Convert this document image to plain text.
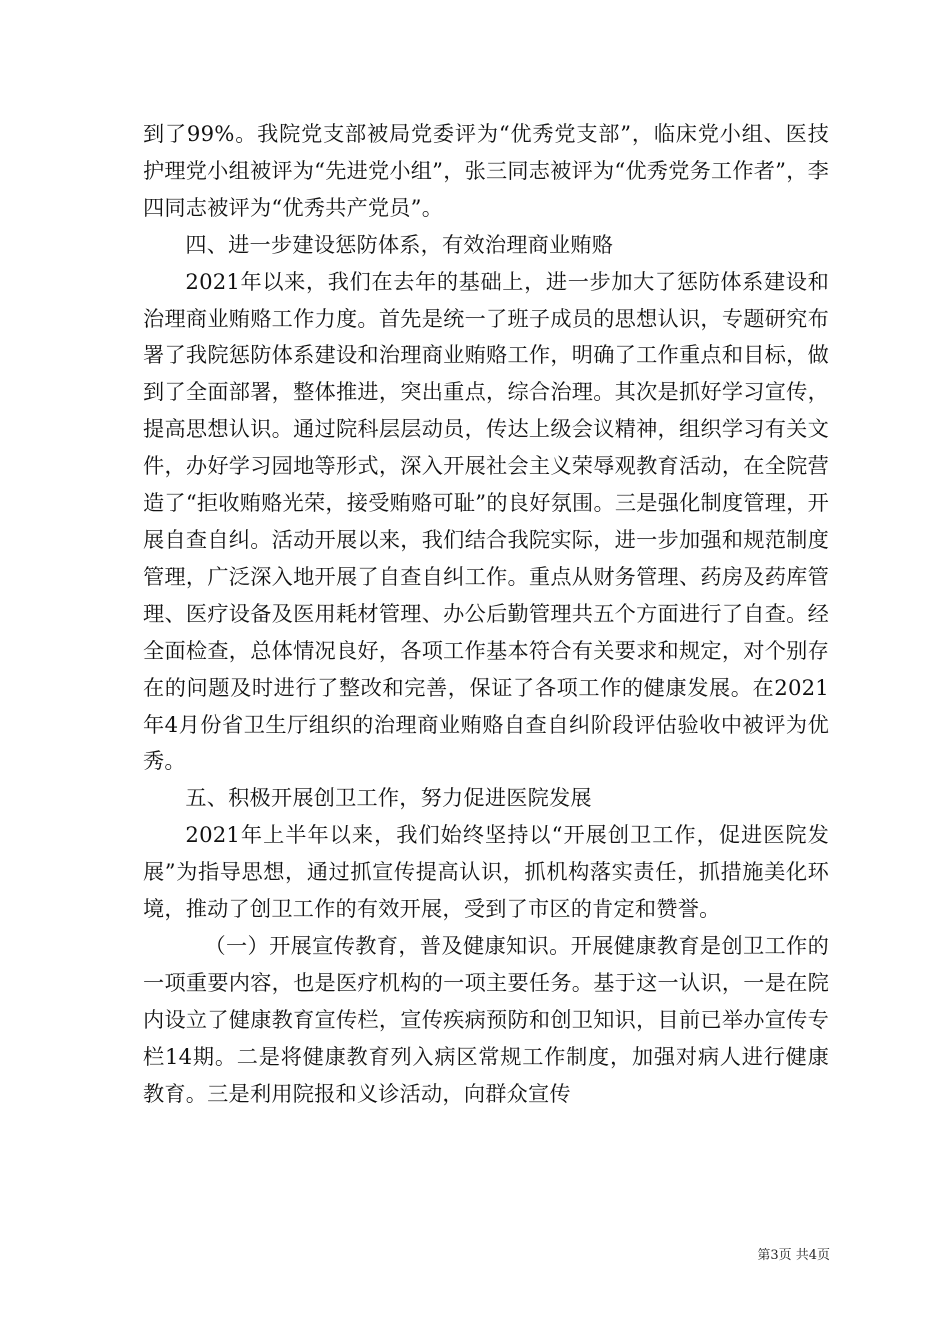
到了99%。我院党支部被局党委评为“优秀党支部”，临床党小组、医技护理党小组被评为“先进党小组”，张三同志被评为“优秀党务工作者”，李四同志被评为“优秀共产党员”。

四、进一步建设惩防体系，有效治理商业贿赂

2021年以来，我们在去年的基础上，进一步加大了惩防体系建设和治理商业贿赂工作力度。首先是统一了班子成员的思想认识，专题研究布署了我院惩防体系建设和治理商业贿赂工作，明确了工作重点和目标，做到了全面部署，整体推进，突出重点，综合治理。其次是抓好学习宣传，提高思想认识。通过院科层层动员，传达上级会议精神，组织学习有关文件，办好学习园地等形式，深入开展社会主义荣辱观教育活动，在全院营造了“拒收贿赂光荣，接受贿赂可耻”的良好氛围。三是强化制度管理，开展自查自纠。活动开展以来，我们结合我院实际，进一步加强和规范制度管理，广泛深入地开展了自查自纠工作。重点从财务管理、药房及药库管理、医疗设备及医用耗材管理、办公后勤管理共五个方面进行了自查。经全面检查，总体情况良好，各项工作基本符合有关要求和规定，对个别存在的问题及时进行了整改和完善，保证了各项工作的健康发展。在2021年4月份省卫生厅组织的治理商业贿赂自查自纠阶段评估验收中被评为优秀。

五、积极开展创卫工作，努力促进医院发展

2021年上半年以来，我们始终坚持以“开展创卫工作，促进医院发展”为指导思想，通过抓宣传提高认识，抓机构落实责任，抓措施美化环境，推动了创卫工作的有效开展，受到了市区的肯定和赞誉。

（一）开展宣传教育，普及健康知识。开展健康教育是创卫工作的一项重要内容，也是医疗机构的一项主要任务。基于这一认识，一是在院内设立了健康教育宣传栏，宣传疾病预防和创卫知识，目前已举办宣传专栏14期。二是将健康教育列入病区常规工作制度，加强对病人进行健康教育。三是利用院报和义诊活动，向群众宣传

第3页 共4页
